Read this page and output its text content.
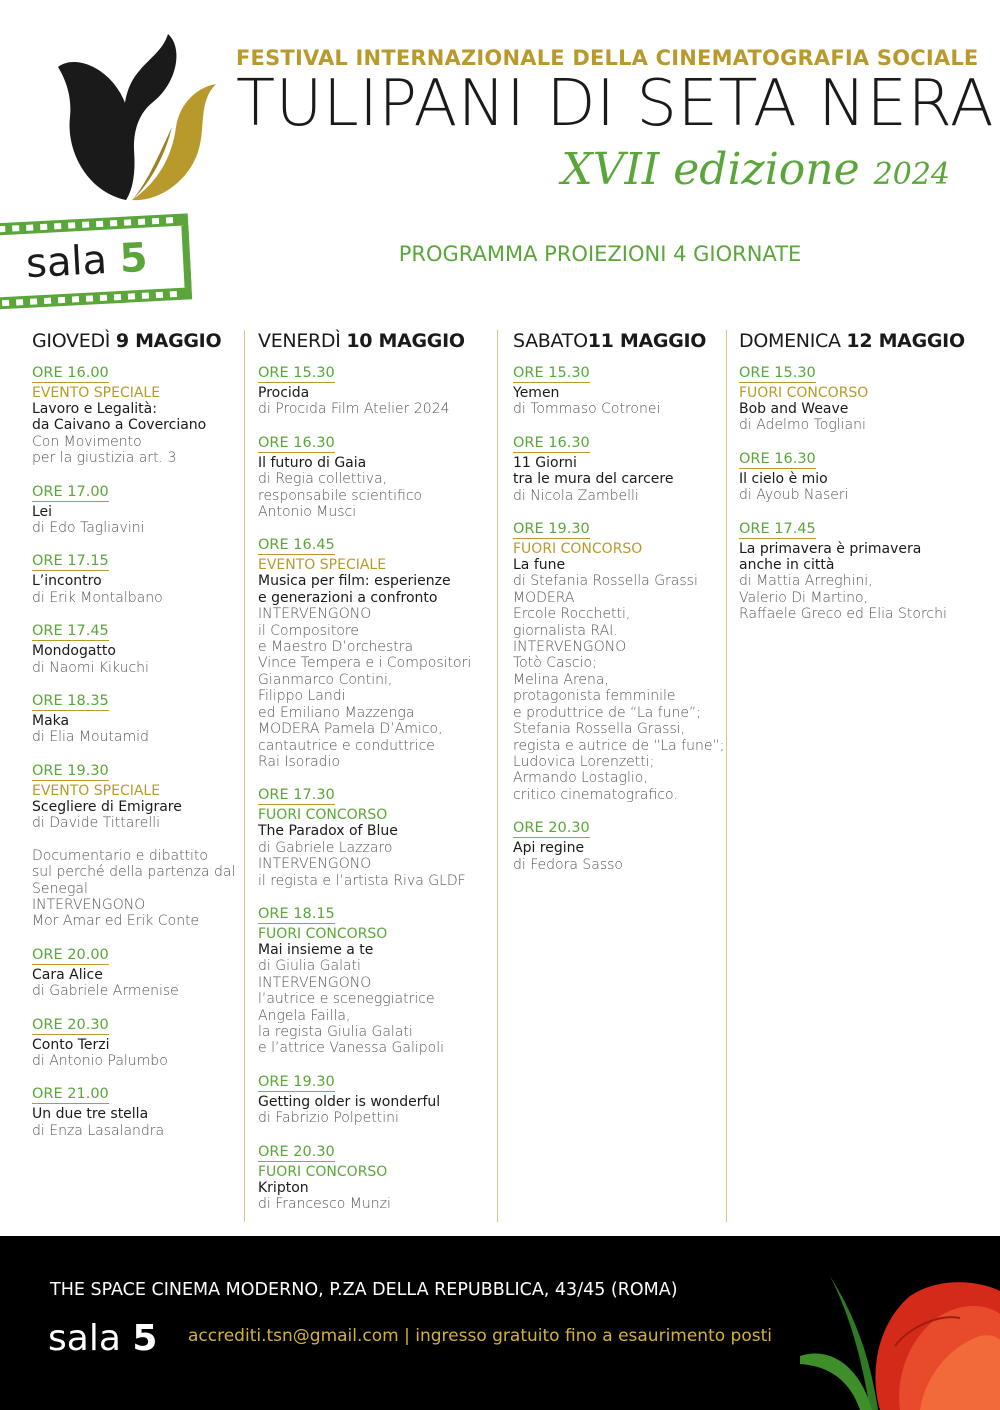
FESTIVAL INTERNAZIONALE DELLA CINEMATOGRAFIA SOCIALE
TULIPANI DI SETA NERA
XVII edizione 2024
sala 5	PROGRAMMA PROIEZIONI 4 GIORNATE
GIOVEDÌ 9 MAGGIO
ORE 16.00

EVENTO SPECIALE
Lavoro e Legalità:
da Caivano a Coverciano
Con Movimento
per la giustizia art. 3
ORE 17.00

Lei
di Edo Tagliavini
ORE 17.15

L’incontro
di Erik Montalbano
ORE 17.45

Mondogatto
di Naomi Kikuchi
ORE 18.35

Maka
di Elia Moutamid
ORE 19.30

EVENTO SPECIALE
Scegliere di Emigrare
di Davide Tittarelli
Documentario e dibattito
sul perché della partenza dal
Senegal
INTERVENGONO
Mor Amar ed Erik Conte
ORE 20.00

Cara Alice
di Gabriele Armenise
ORE 20.30

Conto Terzi
di Antonio Palumbo
ORE 21.00

Un due tre stella
di Enza Lasalandra
VENERDÌ 10 MAGGIO
ORE 15.30

Procida
di Procida Film Atelier 2024
ORE 16.30

Il futuro di Gaia
di Regia collettiva,
responsabile scientifico
Antonio Musci
ORE 16.45

EVENTO SPECIALE
Musica per film: esperienze
e generazioni a confronto
INTERVENGONO
il Compositore
e Maestro D’orchestra
Vince Tempera e i Compositori
Gianmarco Contini,
Filippo Landi
ed Emiliano Mazzenga
MODERA Pamela D’Amico,
cantautrice e conduttrice
Rai Isoradio
ORE 17.30

FUORI CONCORSO
The Paradox of Blue
di Gabriele Lazzaro
INTERVENGONO
il regista e l’artista Riva GLDF
ORE 18.15

FUORI CONCORSO
Mai insieme a te
di Giulia Galati
INTERVENGONO
l’autrice e sceneggiatrice
Angela Failla,
la regista Giulia Galati
e l’attrice Vanessa Galipoli
ORE 19.30

Getting older is wonderful
di Fabrizio Polpettini
ORE 20.30

FUORI CONCORSO
Kripton
di Francesco Munzi
SABATO11 MAGGIO
ORE 15.30

Yemen
di Tommaso Cotronei
ORE 16.30

11 Giorni
tra le mura del carcere
di Nicola Zambelli
ORE 19.30

FUORI CONCORSO
La fune
di Stefania Rossella Grassi
MODERA
Ercole Rocchetti,
giornalista RAI.
INTERVENGONO
Totò Cascio;
Melina Arena,
protagonista femminile
e produttrice de “La fune”;
Stefania Rossella Grassi,
regista e autrice de “La fune”;
Ludovica Lorenzetti;
Armando Lostaglio,
critico cinematografico.
ORE 20.30

Api regine
di Fedora Sasso
DOMENICA 12 MAGGIO
ORE 15.30

FUORI CONCORSO
Bob and Weave
di Adelmo Togliani
ORE 16.30

Il cielo è mio
di Ayoub Naseri
ORE 17.45

La primavera è primavera
anche in città
di Mattia Arreghini,
Valerio Di Martino,
Raffaele Greco ed Elia Storchi
THE SPACE CINEMA MODERNO, P.ZA DELLA REPUBBLICA, 43/45 (ROMA)
sala 5 accrediti.tsn@gmail.com | ingresso gratuito fino a esaurimento posti
